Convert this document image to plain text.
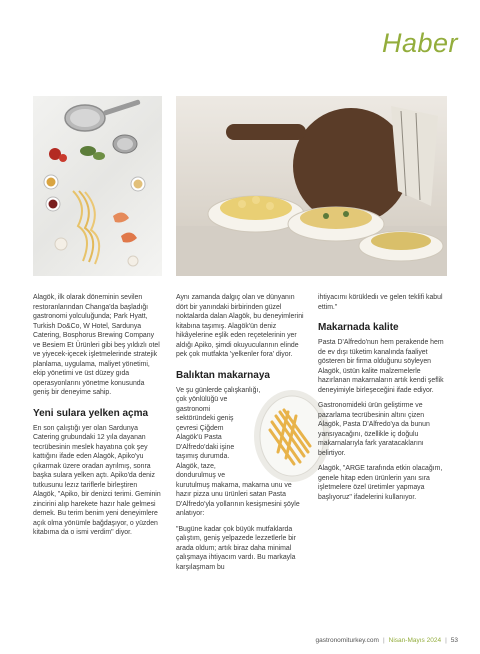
Haber

Alagök, ilk olarak döneminin sevilen restoranlarından Changa'da başladığı gastronomi yolculuğunda; Park Hyatt, Turkish Do&Co, W Hotel, Sardunya Catering, Bosphorus Brewing Company ve Besiem Et Ürünleri gibi beş yıldızlı otel ve yiyecek-içecek işletmelerinde stratejik planlama, uygulama, maliyet yönetimi, ekip yönetimi ve üst düzey gıda operasyonlarını yönetme konusunda geniş bir deneyime sahip.

Yeni sulara yelken açma

En son çalıştığı yer olan Sardunya Catering grubundaki 12 yıla dayanan tecrübesinin meslek hayatına çok şey kattığını ifade eden Alagök, Apiko'yu çıkarmak üzere oradan ayrılmış, sonra başka sulara yelken açtı. Apiko'da deniz tutkusunu lezız tariflerle birleştiren Alagök, "Apiko, bir denizci terimi. Geminin zincirini alıp harekete hazır hale gelmesi demek. Bu terim benim yeni deneyimlere açık olma yönümle bağdaşıyor, o yüzden kitabıma da o ismi verdim" diyor.

Aynı zamanda dalgıç olan ve dünyanın dört bir yanındaki birbirinden güzel noktalarda dalan Alagök, bu deneyimlerini kitabına taşımış. Alagök'ün deniz hikâyelerine eşlik eden reçetelerinin yer aldığı Apiko, şimdi okuyucularının elinde pek çok mutfakta 'yelkenler fora' diyor.

Balıktan makarnaya

Ve şu günlerde çalışkanlığı, çok yönlülüğü ve gastronomi sektöründeki geniş çevresi Çiğdem Alagök'ü Pasta D'Alfredo'daki işine taşımış durumda. Alagök, taze, dondurulmuş ve kurutulmuş makarna, makarna unu ve hazır pizza unu ürünleri satan Pasta D'Alfredo'yla yollarının kesişmesini şöyle anlatıyor:

"Bugüne kadar çok büyük mutfaklarda çalıştım, geniş yelpazede lezzetlerle bir arada oldum; artık biraz daha minimal çalışmaya ihtiyacım vardı. Bu markayla karşılaşmam bu

ihtiyacımı körüklediı ve gelen teklifi kabul ettim."

Makarnada kalite

Pasta D'Alfredo'nun hem perakende hem de ev dışı tüketim kanalında faaliyet gösteren bir firma olduğunu söyleyen Alagök, üstün kalite malzemelerle hazırlanan makarnaların artık kendi şeflik deneyimiyle birleşeceğini ifade ediyor.

Gastronomideki ürün geliştirme ve pazarlama tecrübesinin altını çizen Alagök, Pasta D'Alfredo'ya da bunun yansıyacağını, özellikle iç doğulu makarnalarıyla fark yaratacaklarını belirtiyor.

Alagök, "ARGE tarafında etkin olacağım, genele hitap eden ürünlerin yanı sıra işletmelere özel üretimler yapmaya başlıyoruz" ifadelerini kullanıyor.

gastronomiturkey.com | Nisan-Mayıs 2024 | 53
